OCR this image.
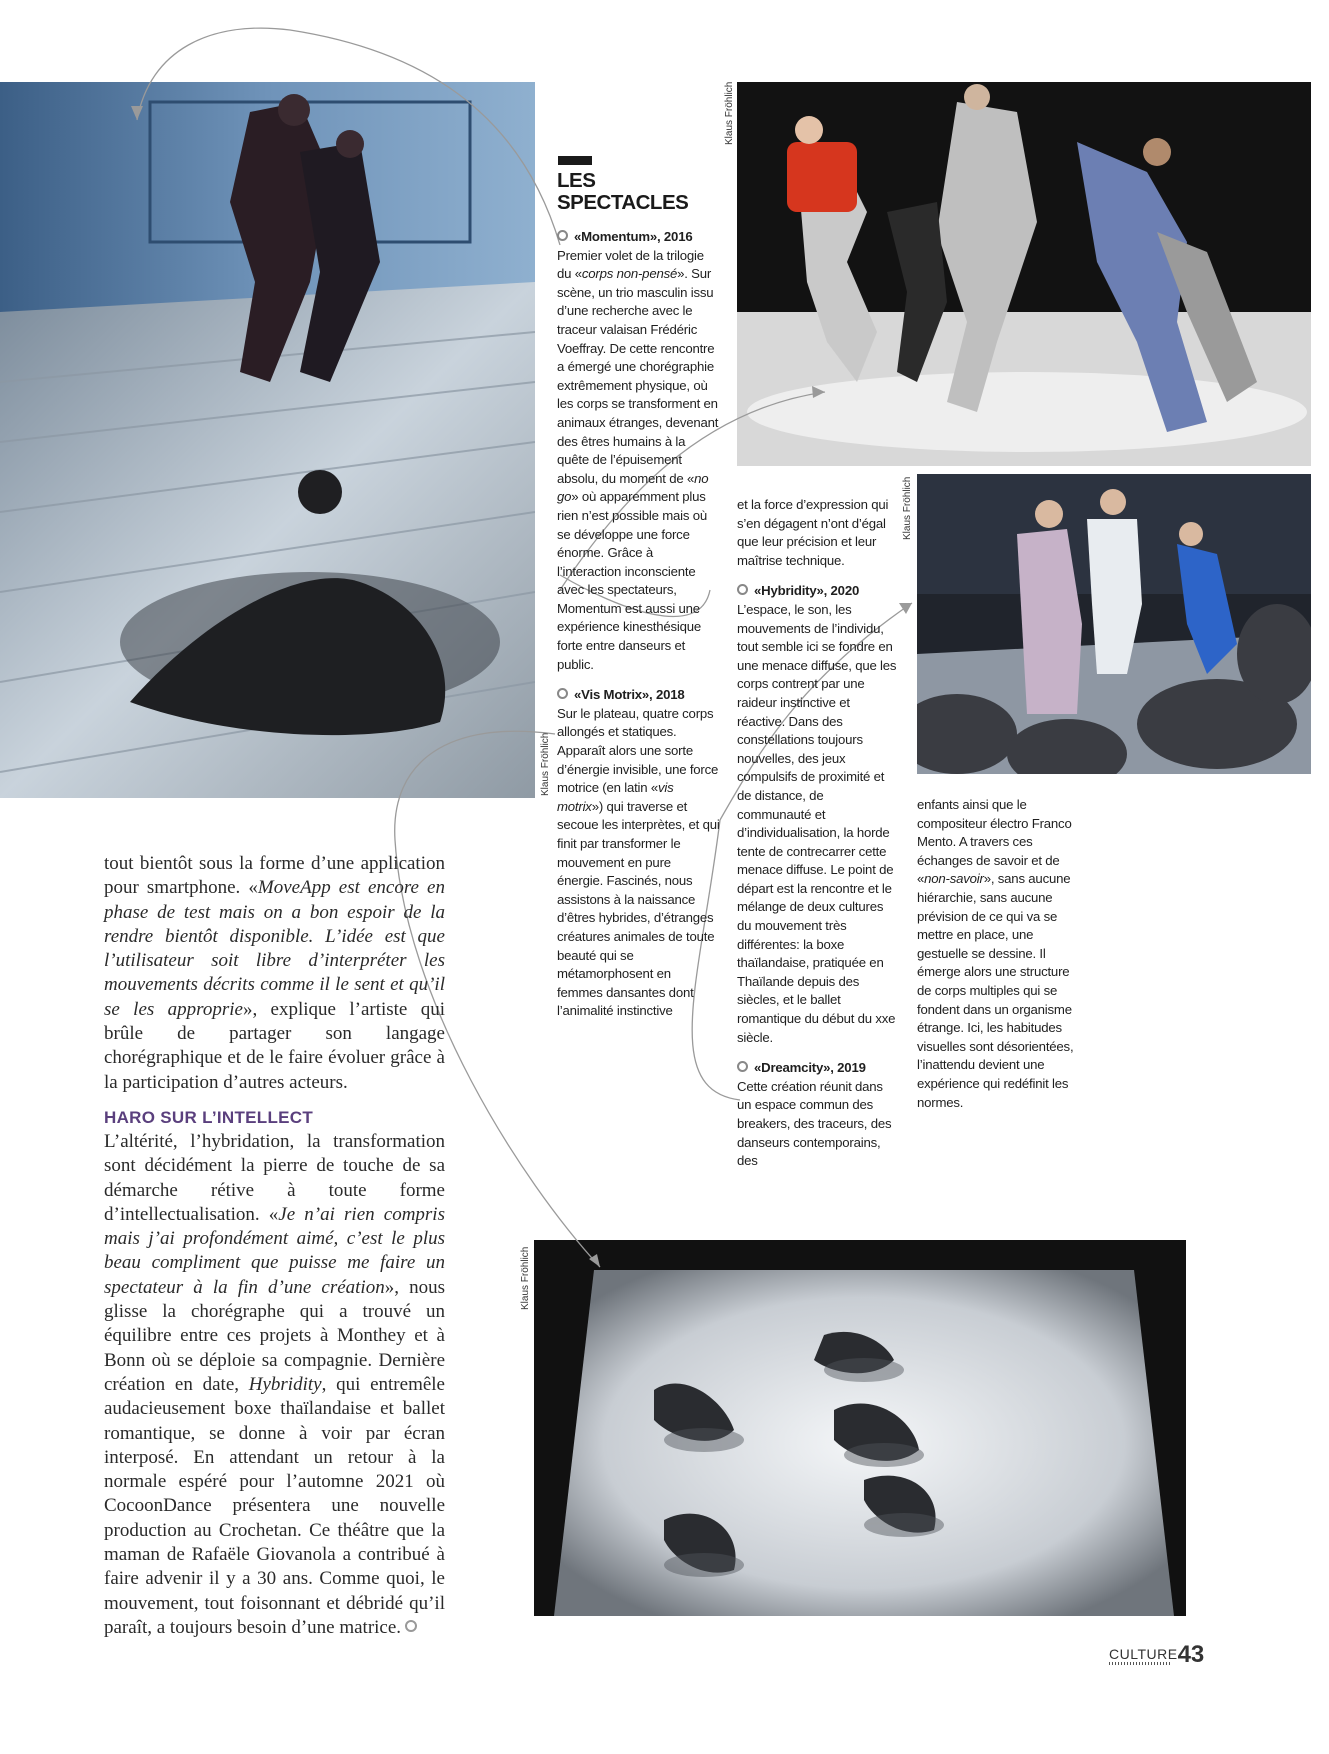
Klaus Fröhlich
Klaus Fröhlich
Klaus Fröhlich
Klaus Fröhlich

tout bientôt sous la forme d’une application pour smartphone. «MoveApp est encore en phase de test mais on a bon espoir de la rendre bientôt disponible. L’idée est que l’utilisateur soit libre d’interpréter les mouvements décrits comme il le sent et qu’il se les approprie», explique l’artiste qui brûle de partager son langage chorégraphique et de le faire évoluer grâce à la participation d’autres acteurs.

HARO SUR L’INTELLECT

L’altérité, l’hybridation, la transformation sont décidément la pierre de touche de sa démarche rétive à toute forme d’intellectualisation. «Je n’ai rien compris mais j’ai profondément aimé, c’est le plus beau compliment que puisse me faire un spectateur à la fin d’une création», nous glisse la chorégraphe qui a trouvé un équilibre entre ces projets à Monthey et à Bonn où se déploie sa compagnie. Dernière création en date, Hybridity, qui entremêle audacieusement boxe thaïlandaise et ballet romantique, se donne à voir par écran interposé. En attendant un retour à la normale espéré pour l’automne 2021 où CocoonDance présentera une nouvelle production au Crochetan. Ce théâtre que la maman de Rafaële Giovanola a contribué à faire advenir il y a 30 ans. Comme quoi, le mouvement, tout foisonnant et débridé qu’il paraît, a toujours besoin d’une matrice.

LES
SPECTACLES
«Momentum», 2016
Premier volet de la trilogie du «corps non-pensé». Sur scène, un trio masculin issu d’une recherche avec le traceur valaisan Frédéric Voeffray. De cette rencontre a émergé une chorégraphie extrêmement physique, où les corps se transforment en animaux étranges, devenant des êtres humains à la quête de l’épuisement absolu, du moment de «no go» où apparemment plus rien n’est possible mais où se développe une force énorme. Grâce à l’interaction inconsciente avec les spectateurs, Momentum est aussi une expérience kinesthésique forte entre danseurs et public.
«Vis Motrix», 2018
Sur le plateau, quatre corps allongés et statiques. Apparaît alors une sorte d’énergie invisible, une force motrice (en latin «vis motrix») qui traverse et secoue les interprètes, et qui finit par transformer le mouvement en pure énergie. Fascinés, nous assistons à la naissance d’êtres hybrides, d’étranges créatures animales de toute beauté qui se métamorphosent en femmes dansantes dont l’animalité instinctive
et la force d’expression qui s’en dégagent n’ont d’égal que leur précision et leur maîtrise technique.
«Hybridity», 2020
L’espace, le son, les mouvements de l’individu, tout semble ici se fondre en une menace diffuse, que les corps contrent par une raideur instinctive et réactive. Dans des constellations toujours nouvelles, des jeux compulsifs de proximité et de distance, de communauté et d’individualisation, la horde tente de contrecarrer cette menace diffuse. Le point de départ est la rencontre et le mélange de deux cultures du mouvement très différentes: la boxe thaïlandaise, pratiquée en Thaïlande depuis des siècles, et le ballet romantique du début du xxe siècle.
«Dreamcity», 2019
Cette création réunit dans un espace commun des breakers, des traceurs, des danseurs contemporains, des
enfants ainsi que le compositeur électro Franco Mento. A travers ces échanges de savoir et de «non-savoir», sans aucune hiérarchie, sans aucune prévision de ce qui va se mettre en place, une gestuelle se dessine. Il émerge alors une structure de corps multiples qui se fondent dans un organisme étrange. Ici, les habitudes visuelles sont désorientées, l’inattendu devient une expérience qui redéfinit les normes.
CULTURE43
